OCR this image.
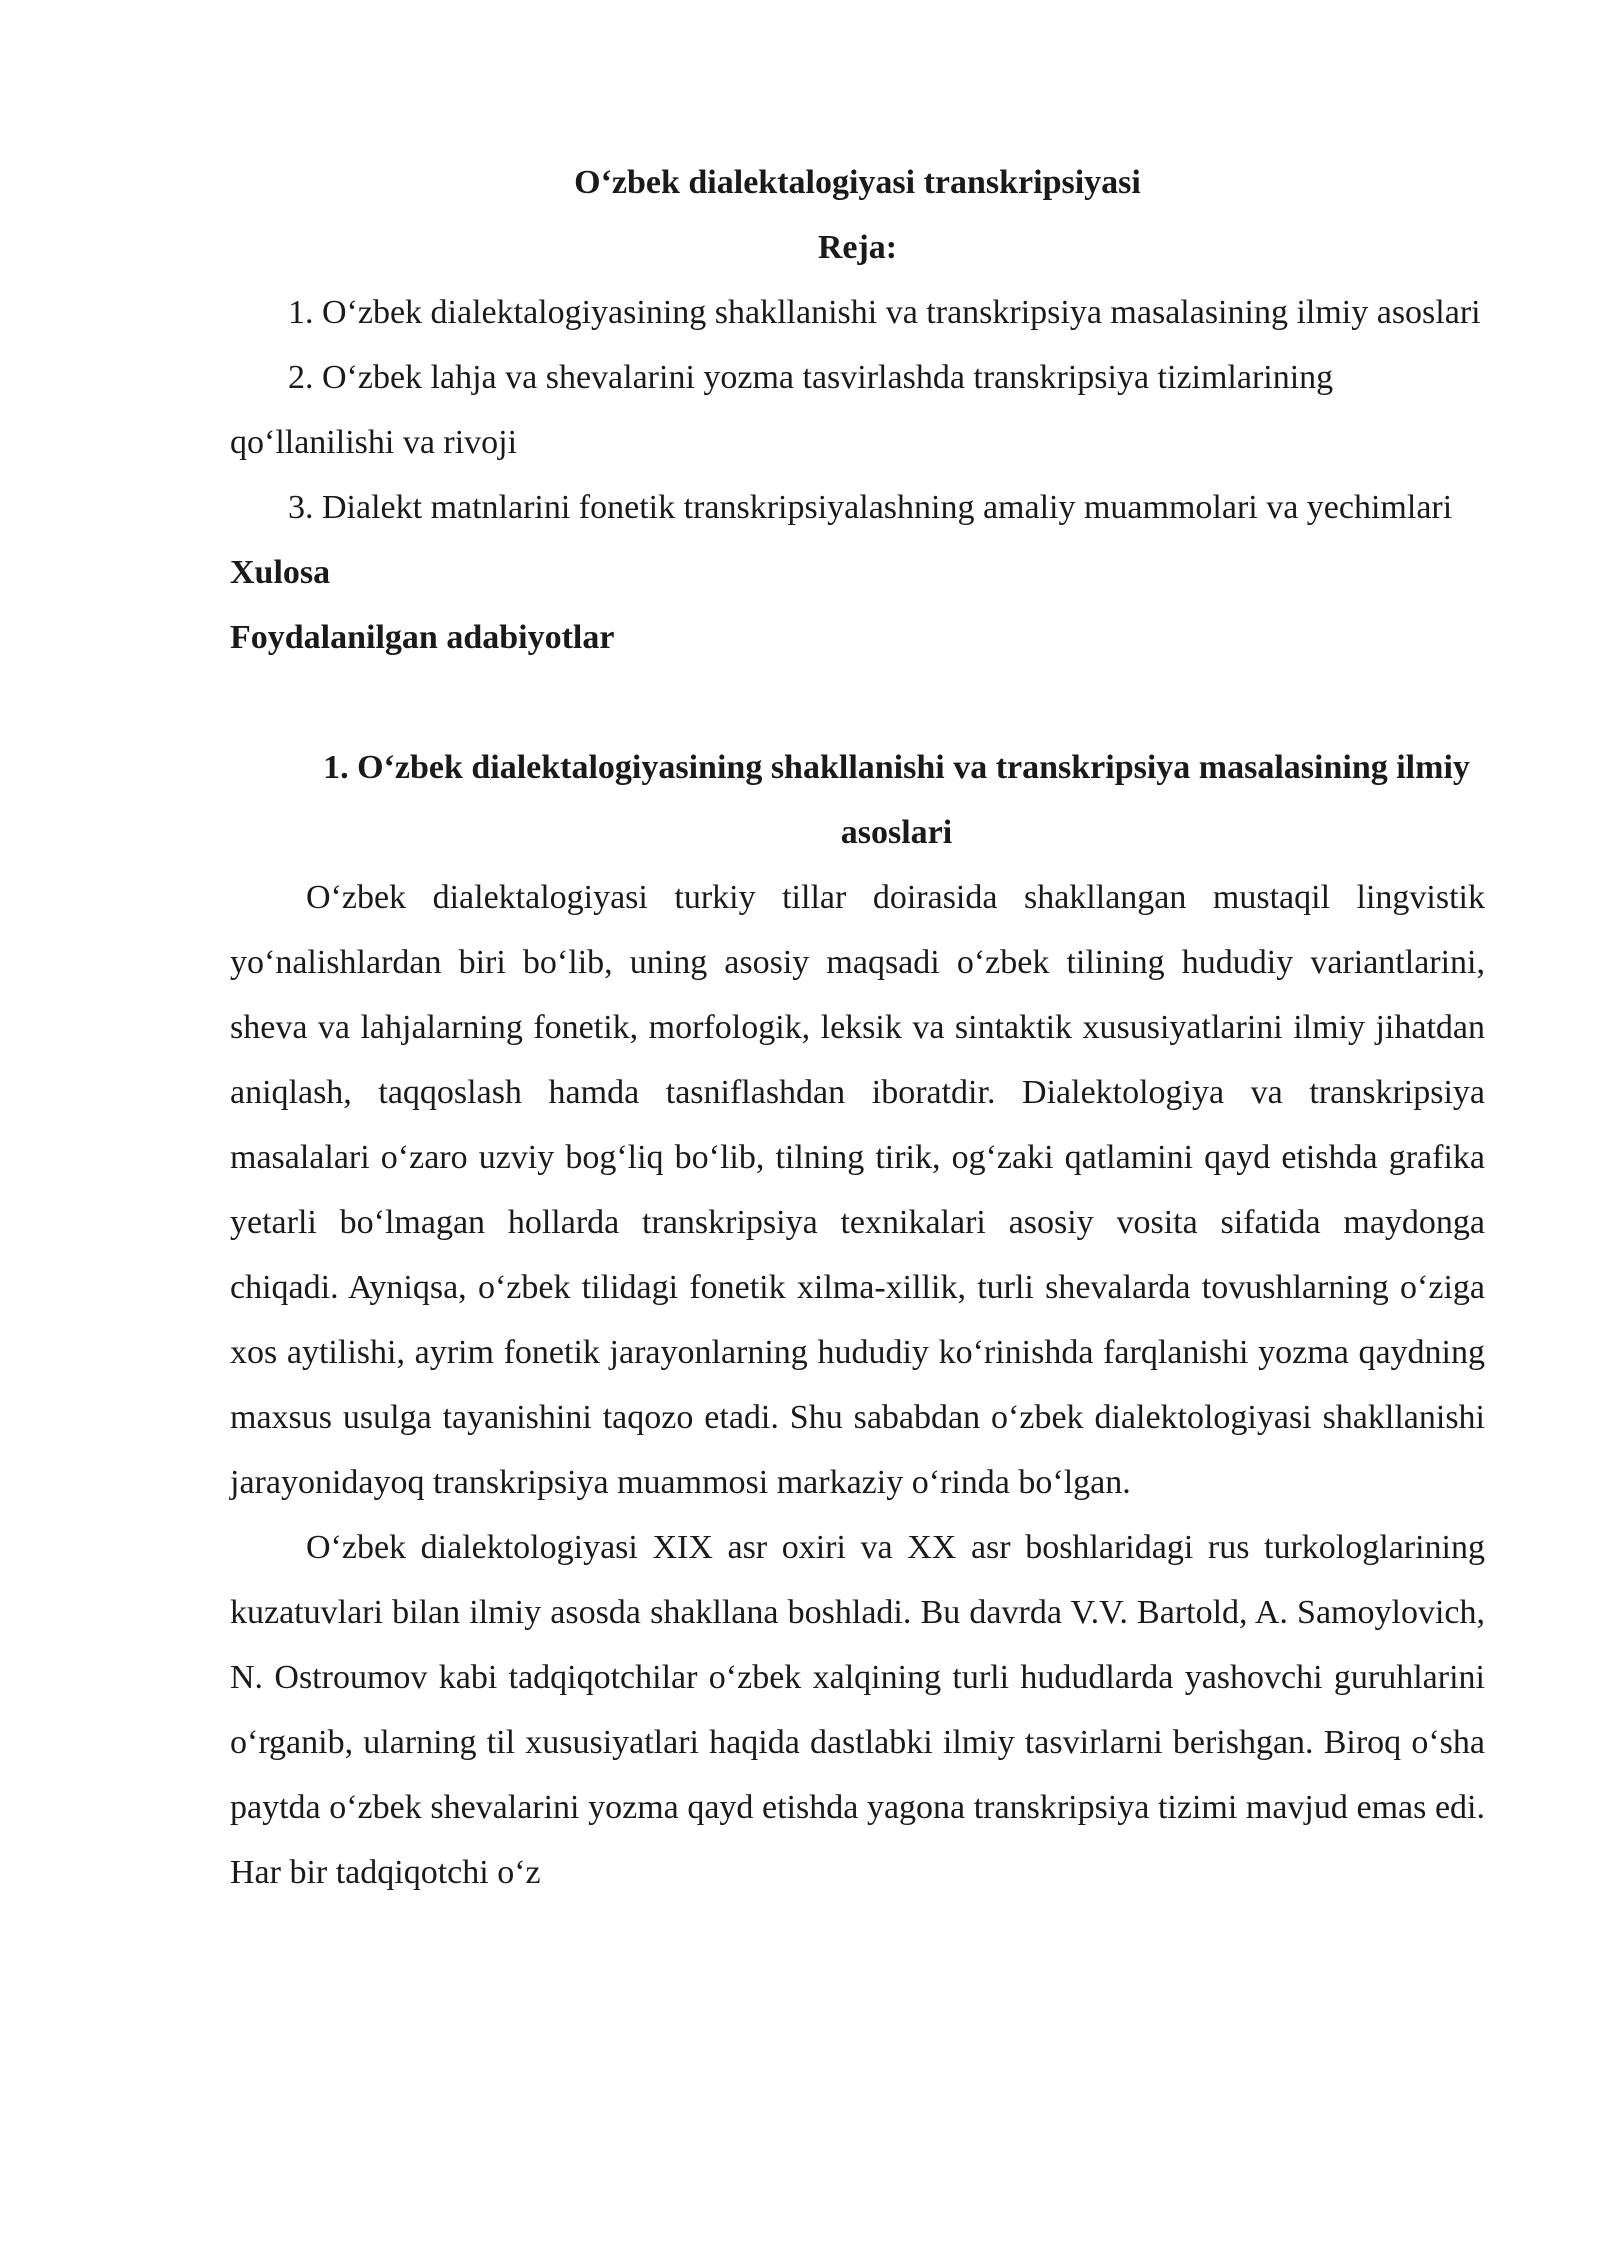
O‘zbek dialektalogiyasi transkripsiyasi

Reja:

1. O‘zbek dialektalogiyasining shakllanishi va transkripsiya masalasining ilmiy asoslari
2. O‘zbek lahja va shevalarini yozma tasvirlashda transkripsiya tizimlarining qo‘llanilishi va rivoji
3. Dialekt matnlarini fonetik transkripsiyalashning amaliy muammolari va yechimlari

Xulosa

Foydalanilgan adabiyotlar

1. O‘zbek dialektalogiyasining shakllanishi va transkripsiya masalasining ilmiy asoslari

O‘zbek dialektalogiyasi turkiy tillar doirasida shakllangan mustaqil lingvistik yo‘nalishlardan biri bo‘lib, uning asosiy maqsadi o‘zbek tilining hududiy variantlarini, sheva va lahjalarning fonetik, morfologik, leksik va sintaktik xususiyatlarini ilmiy jihatdan aniqlash, taqqoslash hamda tasniflashdan iboratdir. Dialektologiya va transkripsiya masalalari o‘zaro uzviy bog‘liq bo‘lib, tilning tirik, og‘zaki qatlamini qayd etishda grafika yetarli bo‘lmagan hollarda transkripsiya texnikalari asosiy vosita sifatida maydonga chiqadi. Ayniqsa, o‘zbek tilidagi fonetik xilma-xillik, turli shevalarda tovushlarning o‘ziga xos aytilishi, ayrim fonetik jarayonlarning hududiy ko‘rinishda farqlanishi yozma qaydning maxsus usulga tayanishini taqozo etadi. Shu sababdan o‘zbek dialektologiyasi shakllanishi jarayonidayoq transkripsiya muammosi markaziy o‘rinda bo‘lgan.

O‘zbek dialektologiyasi XIX asr oxiri va XX asr boshlaridagi rus turkologlarining kuzatuvlari bilan ilmiy asosda shakllana boshladi. Bu davrda V.V. Bartold, A. Samoylovich, N. Ostroumov kabi tadqiqotchilar o‘zbek xalqining turli hududlarda yashovchi guruhlarini o‘rganib, ularning til xususiyatlari haqida dastlabki ilmiy tasvirlarni berishgan. Biroq o‘sha paytda o‘zbek shevalarini yozma qayd etishda yagona transkripsiya tizimi mavjud emas edi. Har bir tadqiqotchi o‘z
